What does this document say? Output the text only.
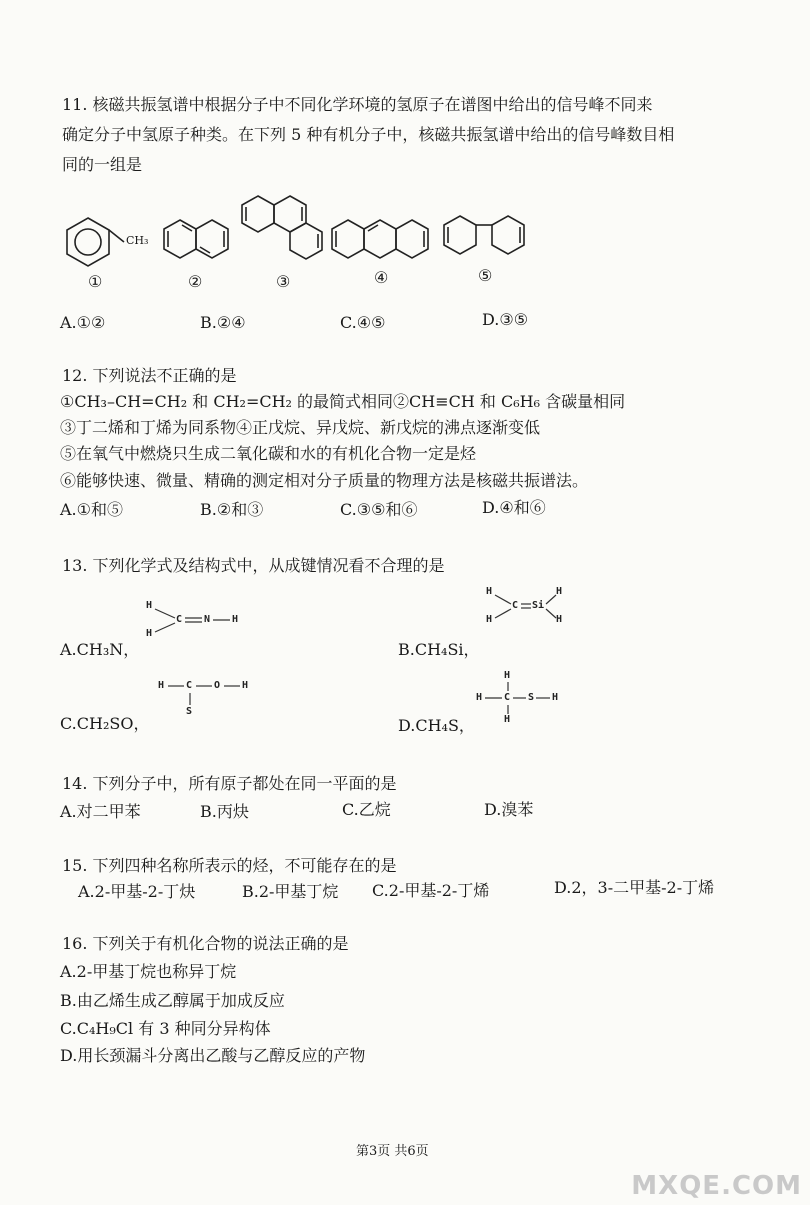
11. 核磁共振氢谱中根据分子中不同化学环境的氢原子在谱图中给出的信号峰不同来
确定分子中氢原子种类。在下列 5 种有机分子中，核磁共振氢谱中给出的信号峰数目相
同的一组是
CH₃
①	②	③	④	⑤
A.①②	B.②④	C.④⑤	D.③⑤
12. 下列说法不正确的是
①CH₃–CH=CH₂ 和 CH₂=CH₂ 的最简式相同②CH≡CH 和 C₆H₆ 含碳量相同
③丁二烯和丁烯为同系物④正戊烷、异戊烷、新戊烷的沸点逐渐变低
⑤在氧气中燃烧只生成二氧化碳和水的有机化合物一定是烃
⑥能够快速、微量、精确的测定相对分子质量的物理方法是核磁共振谱法。
A.①和⑤	B.②和③	C.③⑤和⑥	D.④和⑥
13. 下列化学式及结构式中，从成键情况看不合理的是
H
H
C N H
A.CH₃N，
H
H
C Si
H
H
B.CH₄Si，
H C O H
S
C.CH₂SO，
H
H C S H
H
D.CH₄S，
14. 下列分子中，所有原子都处在同一平面的是
A.对二甲苯	B.丙炔	C.乙烷	D.溴苯
15. 下列四种名称所表示的烃，不可能存在的是
A.2-甲基-2-丁炔	B.2-甲基丁烷 C.2-甲基-2-丁烯	D.2，3-二甲基-2-丁烯
16. 下列关于有机化合物的说法正确的是
A.2-甲基丁烷也称异丁烷
B.由乙烯生成乙醇属于加成反应
C.C₄H₉Cl 有 3 种同分异构体
D.用长颈漏斗分离出乙酸与乙醇反应的产物
第3页 共6页
MXQE.COM
